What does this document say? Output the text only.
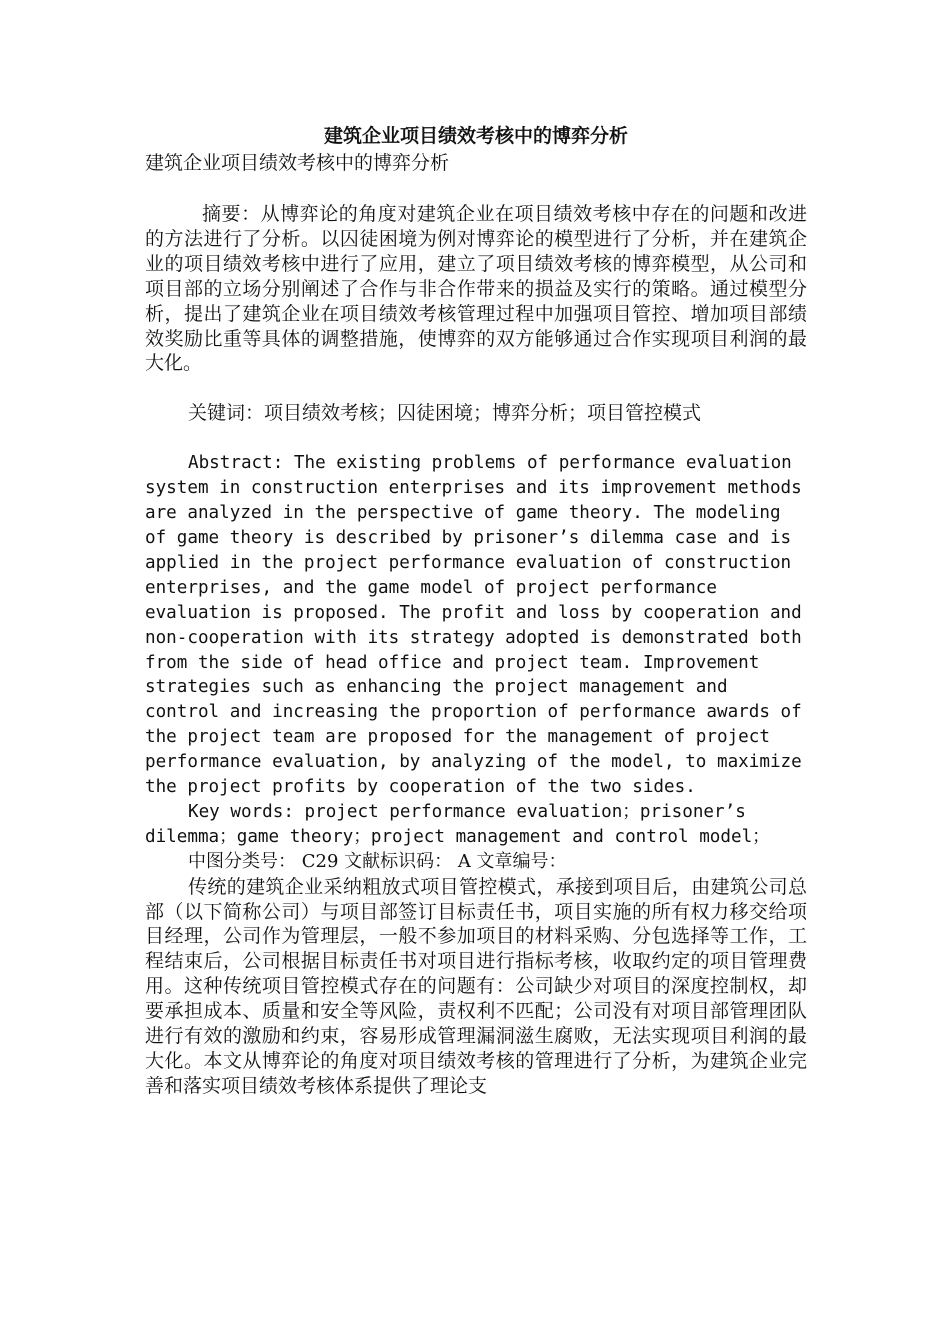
建筑企业项目绩效考核中的博弈分析

建筑企业项目绩效考核中的博弈分析

摘要：从博弈论的角度对建筑企业在项目绩效考核中存在的问题和改进的方法进行了分析。以囚徒困境为例对博弈论的模型进行了分析，并在建筑企业的项目绩效考核中进行了应用，建立了项目绩效考核的博弈模型，从公司和项目部的立场分别阐述了合作与非合作带来的损益及实行的策略。通过模型分析，提出了建筑企业在项目绩效考核管理过程中加强项目管控、增加项目部绩效奖励比重等具体的调整措施，使博弈的双方能够通过合作实现项目利润的最大化。

关键词：项目绩效考核；囚徒困境；博弈分析；项目管控模式

Abstract: The existing problems of performance evaluation system in construction enterprises and its improvement methods are analyzed in the perspective of game theory. The modeling of game theory is described by prisoner’s dilemma case and is applied in the project performance evaluation of construction enterprises, and the game model of project performance evaluation is proposed. The profit and loss by cooperation and non-cooperation with its strategy adopted is demonstrated both from the side of head office and project team. Improvement strategies such as enhancing the project management and control and increasing the proportion of performance awards of the project team are proposed for the management of project performance evaluation, by analyzing of the model, to maximize the project profits by cooperation of the two sides.

Key words: project performance evaluation；prisoner’s dilemma；game theory；project management and control model；

中图分类号： C29 文献标识码： A 文章编号：

传统的建筑企业采纳粗放式项目管控模式，承接到项目后，由建筑公司总部（以下简称公司）与项目部签订目标责任书，项目实施的所有权力移交给项目经理，公司作为管理层，一般不参加项目的材料采购、分包选择等工作，工程结束后，公司根据目标责任书对项目进行指标考核，收取约定的项目管理费用。这种传统项目管控模式存在的问题有：公司缺少对项目的深度控制权，却要承担成本、质量和安全等风险，责权利不匹配；公司没有对项目部管理团队进行有效的激励和约束，容易形成管理漏洞滋生腐败，无法实现项目利润的最大化。本文从博弈论的角度对项目绩效考核的管理进行了分析，为建筑企业完善和落实项目绩效考核体系提供了理论支
